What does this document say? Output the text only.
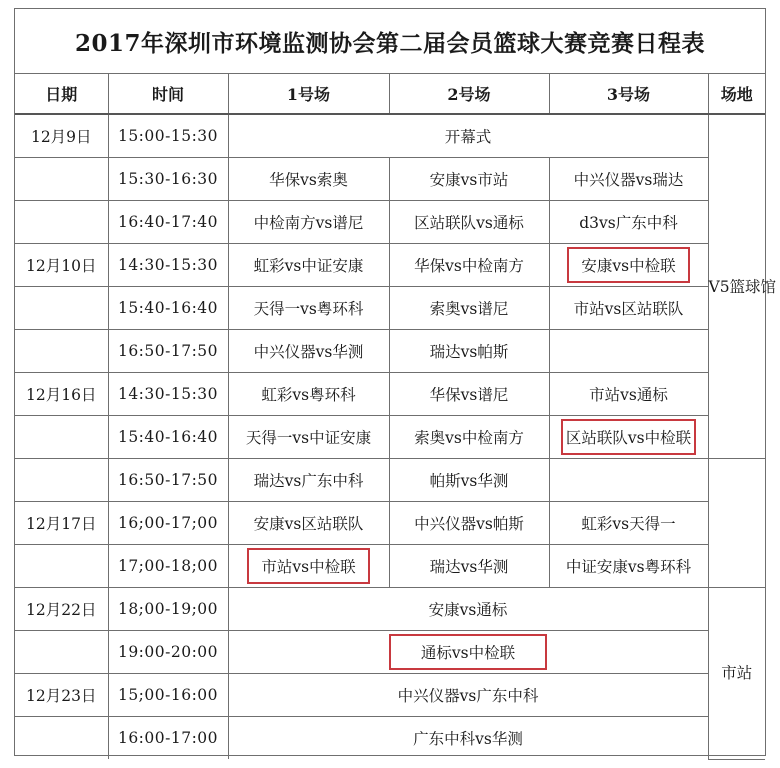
2017年深圳市环境监测协会第二届会员篮球大赛竞赛日程表
日期	时间	1号场	2号场	3号场	场地
12月9日	15:00-15:30	开幕式			V5篮球馆
	15:30-16:30	华保vs索奥	安康vs市站	中兴仪器vs瑞达	
	16:40-17:40	中检南方vs谱尼	区站联队vs通标	d3vs广东中科	
12月10日	14:30-15:30	虹彩vs中证安康	华保vs中检南方	安康vs中检联	
	15:40-16:40	天得一vs粤环科	索奥vs谱尼	市站vs区站联队	
	16:50-17:50	中兴仪器vs华测	瑞达vs帕斯		
12月16日	14:30-15:30	虹彩vs粤环科	华保vs谱尼	市站vs通标	
	15:40-16:40	天得一vs中证安康	索奥vs中检南方	区站联队vs中检联	
	16:50-17:50	瑞达vs广东中科	帕斯vs华测		
12月17日	16;00-17;00	安康vs区站联队	中兴仪器vs帕斯	虹彩vs天得一	
	17;00-18;00	市站vs中检联	瑞达vs华测	中证安康vs粤环科	
12月22日	18;00-19;00	安康vs通标			市站
	19:00-20:00	通标vs中检联			
12月23日	15;00-16:00	中兴仪器vs广东中科			
	16:00-17:00	广东中科vs华测			
